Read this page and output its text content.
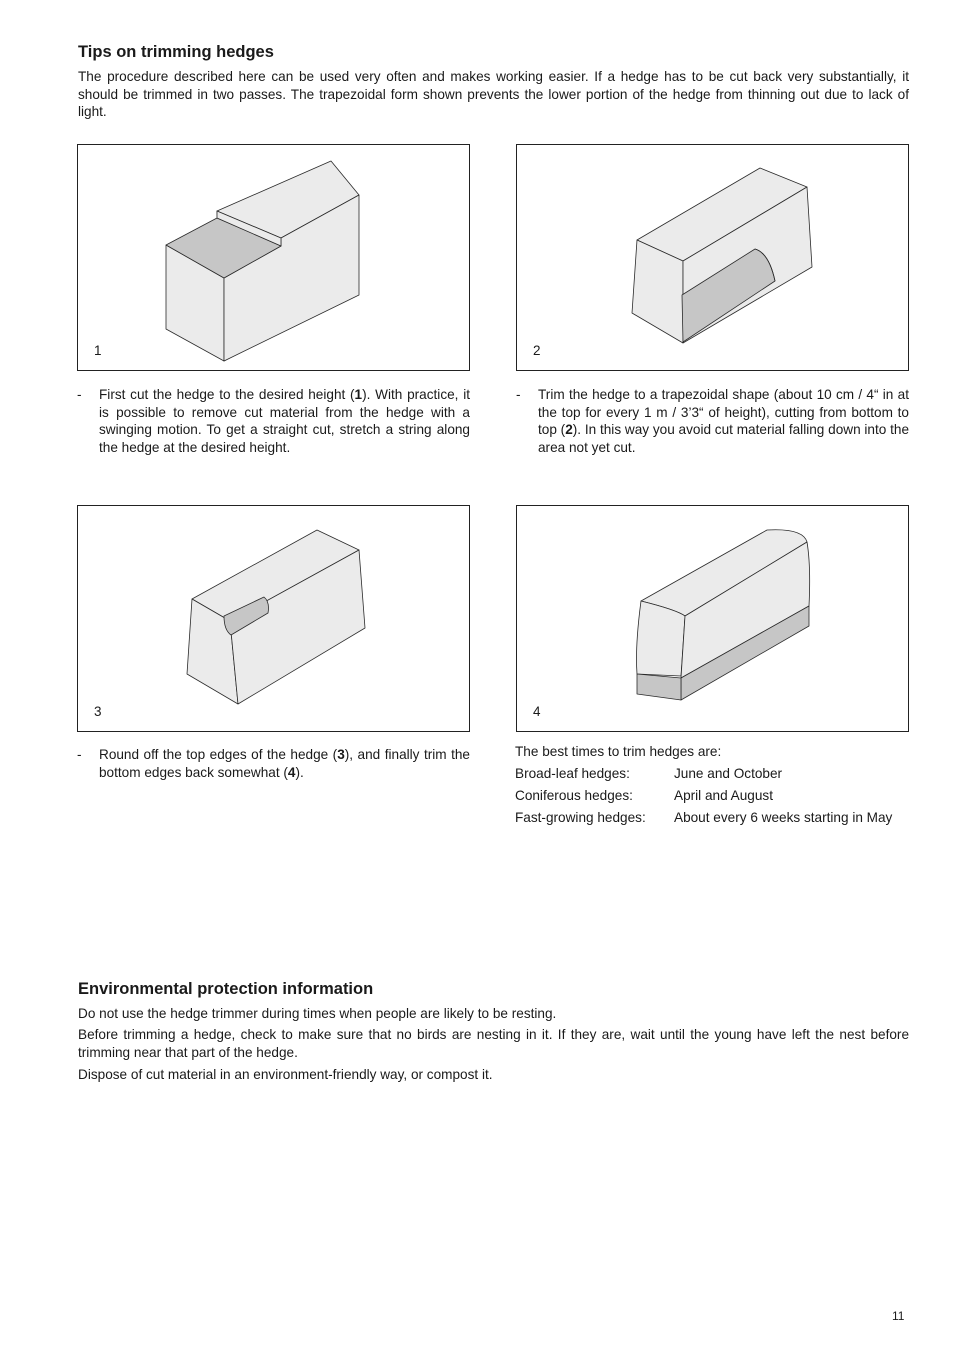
Tips on trimming hedges

The procedure described here can be used very often and makes working easier. If a hedge has to be cut back very substantially, it should be trimmed in two passes. The trapezoidal form shown prevents the lower portion of the hedge from thinning out due to lack of light.

1	2
- First cut the hedge to the desired height (1). With practice, it is possible to remove cut material from the hedge with a swinging motion. To get a straight cut, stretch a string along the hedge at the desired height.
- Trim the hedge to a trapezoidal shape (about 10 cm / 4“ in at the top for every 1 m / 3’3“ of height), cutting from bottom to top (2). In this way you avoid cut material falling down into the area not yet cut.
3	4
- Round off the top edges of the hedge (3), and finally trim the bottom edges back somewhat (4).
The best times to trim hedges are:
Broad-leaf hedges:	June and October
Coniferous hedges:	April and August
Fast-growing hedges: About every 6 weeks starting in May
Environmental protection information

Do not use the hedge trimmer during times when people are likely to be resting.

Before trimming a hedge, check to make sure that no birds are nesting in it. If they are, wait until the young have left the nest before trimming near that part of the hedge.

Dispose of cut material in an environment-friendly way, or compost it.

11
